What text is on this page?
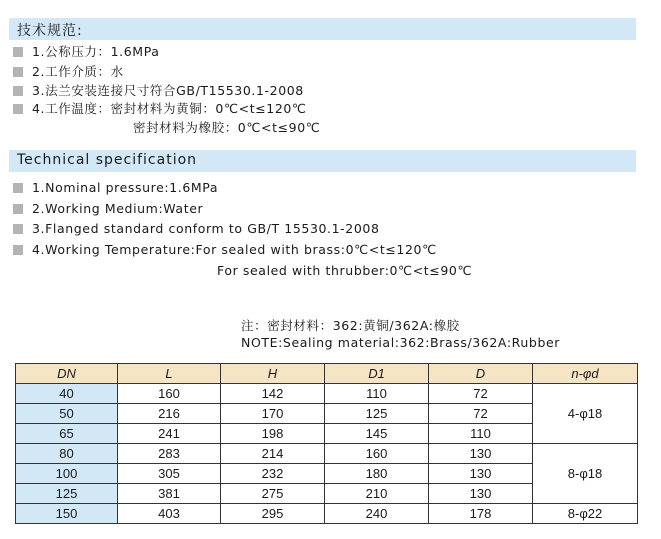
技术规范:
1.公称压力：1.6MPa
2.工作介质：水
3.法兰安装连接尺寸符合GB/T15530.1-2008
4.工作温度：密封材料为黄铜：0℃<t≤120℃
密封材料为橡胶：0℃<t≤90℃
Technical specification
1.Nominal pressure:1.6MPa
2.Working Medium:Water
3.Flanged standard conform to GB/T 15530.1-2008
4.Working Temperature:For sealed with brass:0℃<t≤120℃
For sealed with thrubber:0℃<t≤90℃
注：密封材料：362:黄铜/362A:橡胶
NOTE:Sealing material:362:Brass/362A:Rubber
DN	L	H	D1	D	n-φd
40	160	142	110	72	4-φ18
50	216	170	125	72	
65	241	198	145	110	
80	283	214	160	130	8-φ18
100	305	232	180	130	
125	381	275	210	130	
150	403	295	240	178	8-φ22
